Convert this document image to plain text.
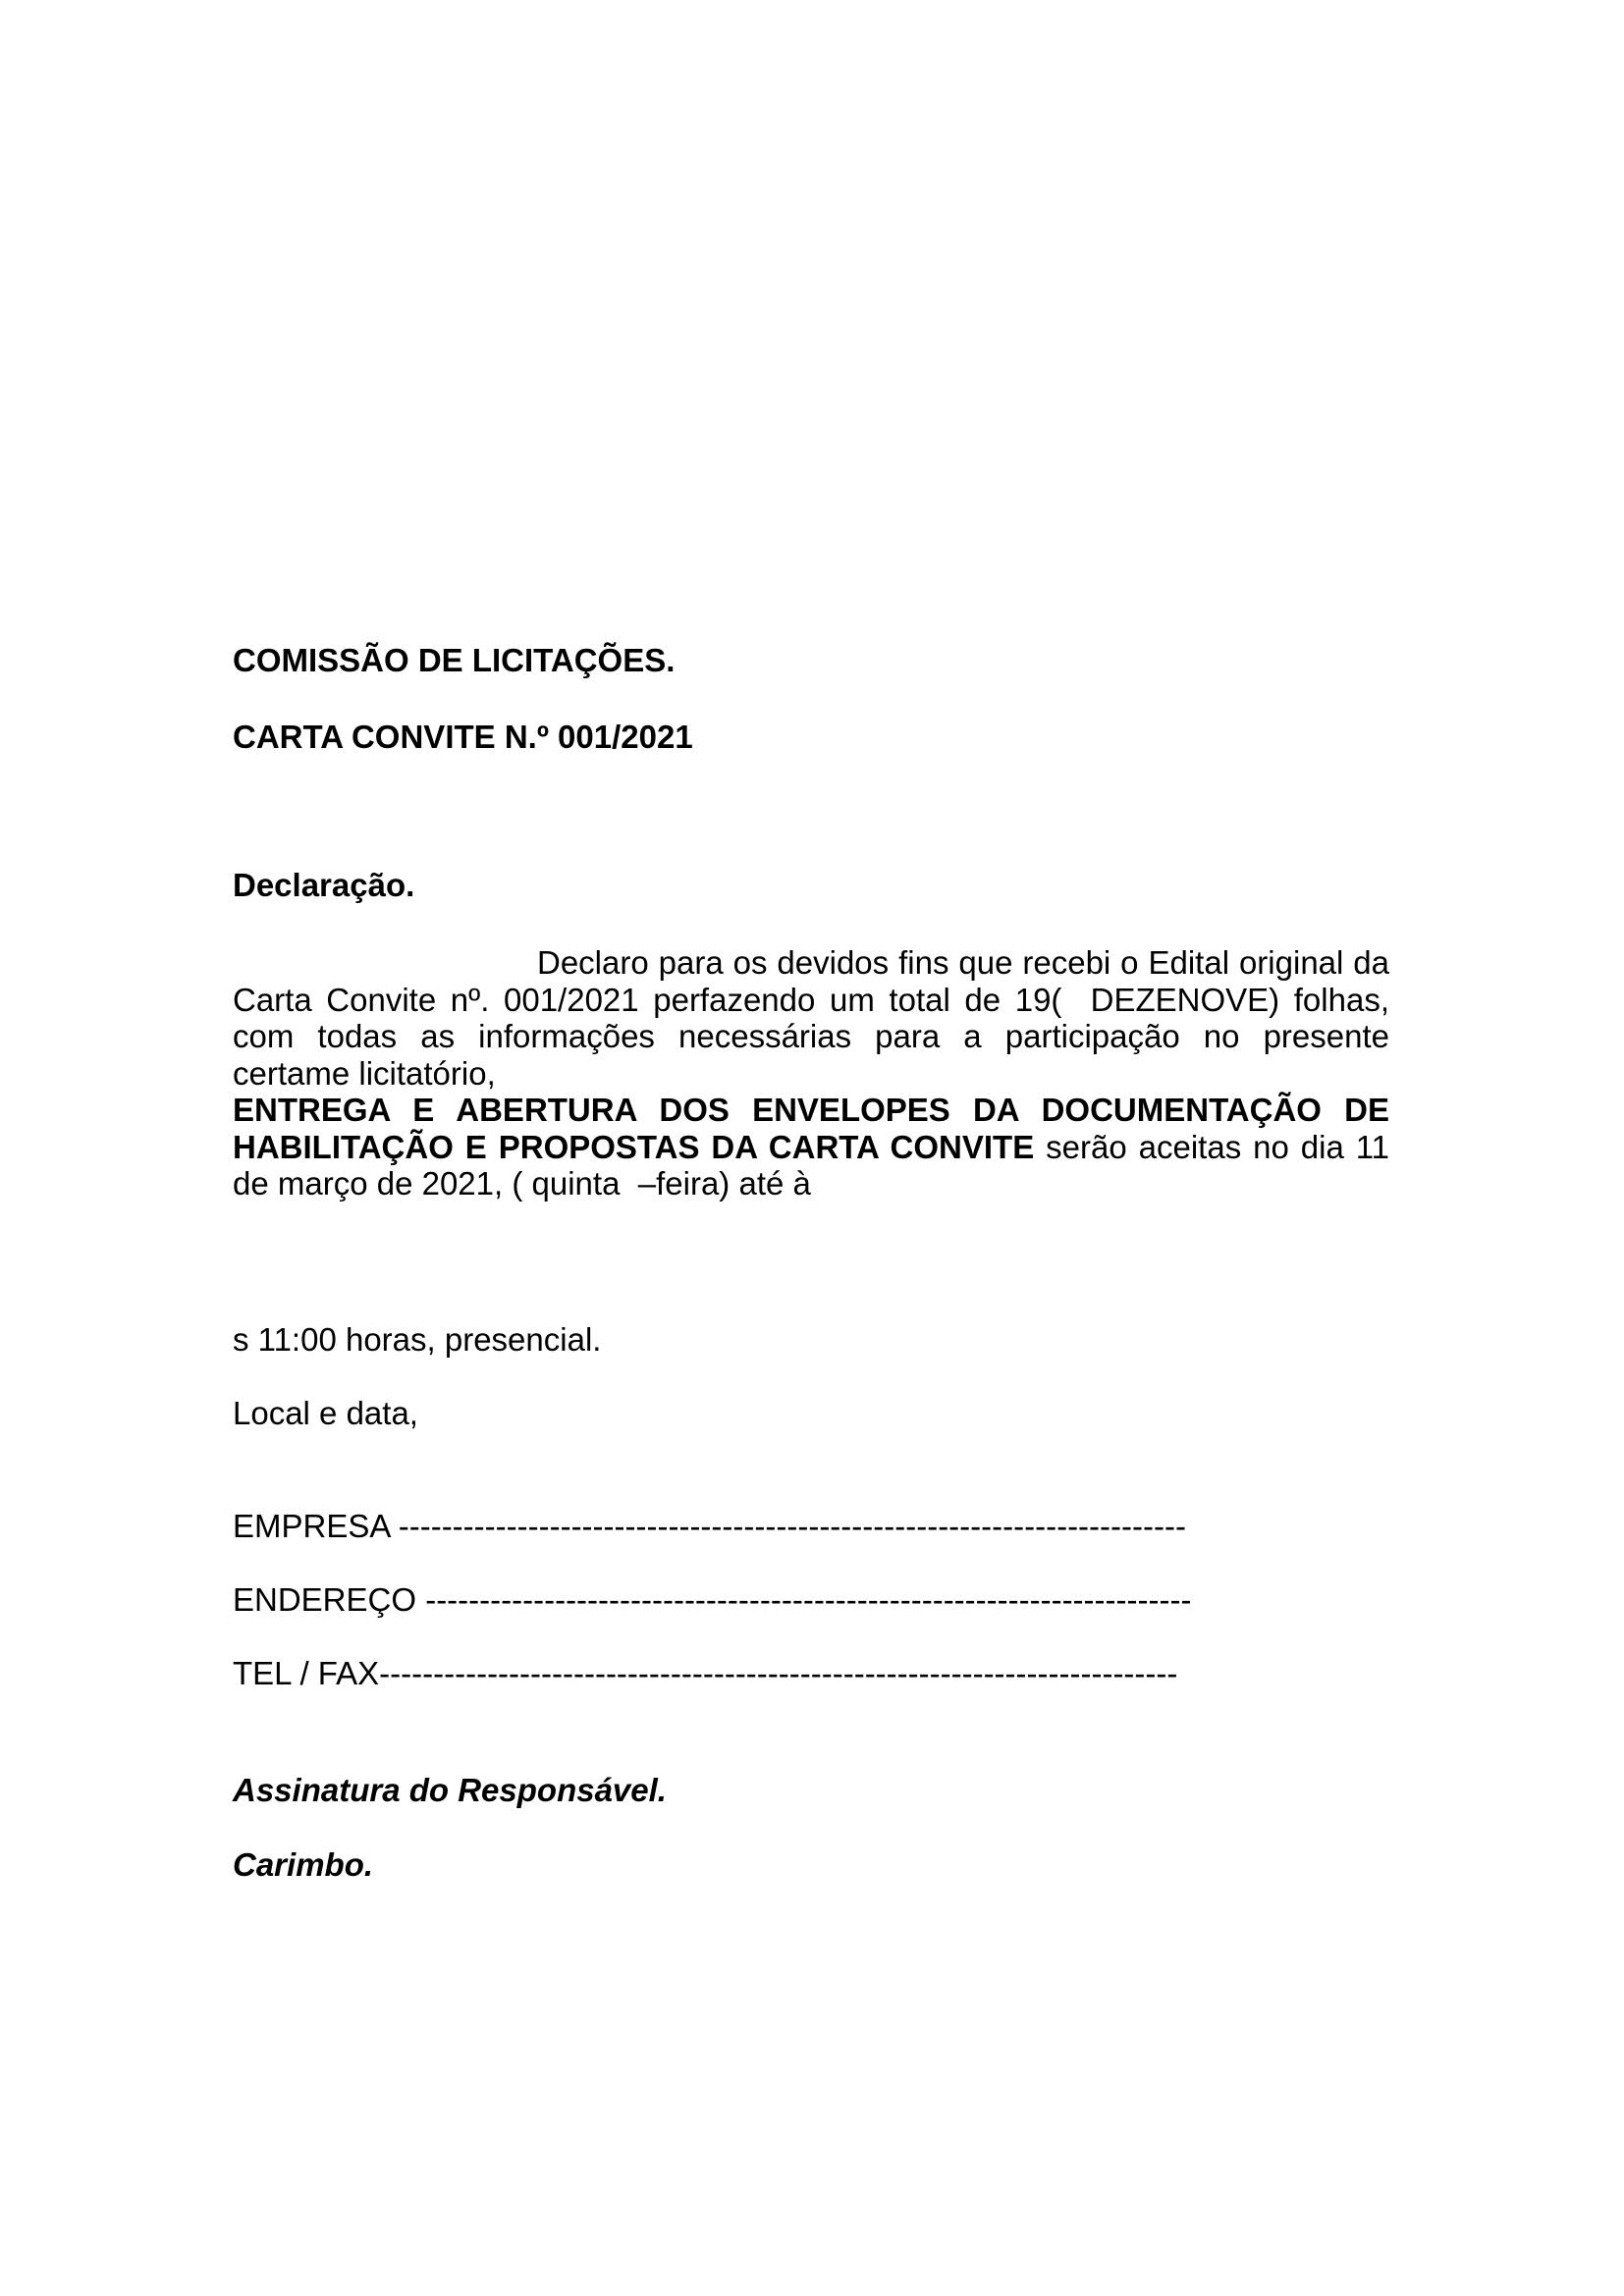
COMISSÃO DE LICITAÇÕES.
CARTA CONVITE N.º 001/2021
Declaração.
Declaro para os devidos fins que recebi o Edital original da
Carta Convite nº. 001/2021 perfazendo um total de 19(  DEZENOVE) folhas,
com todas as informações necessárias para a participação no presente
certame licitatório,
ENTREGA E ABERTURA DOS ENVELOPES DA DOCUMENTAÇÃO DE
HABILITAÇÃO E PROPOSTAS DA CARTA CONVITE serão aceitas no dia 11
de março de 2021, ( quinta  –feira) até à
s 11:00 horas, presencial.
Local e data,
EMPRESA -------------------------------------------------------------------------
ENDEREÇO -----------------------------------------------------------------------
TEL / FAX--------------------------------------------------------------------------
Assinatura do Responsável.
Carimbo.
